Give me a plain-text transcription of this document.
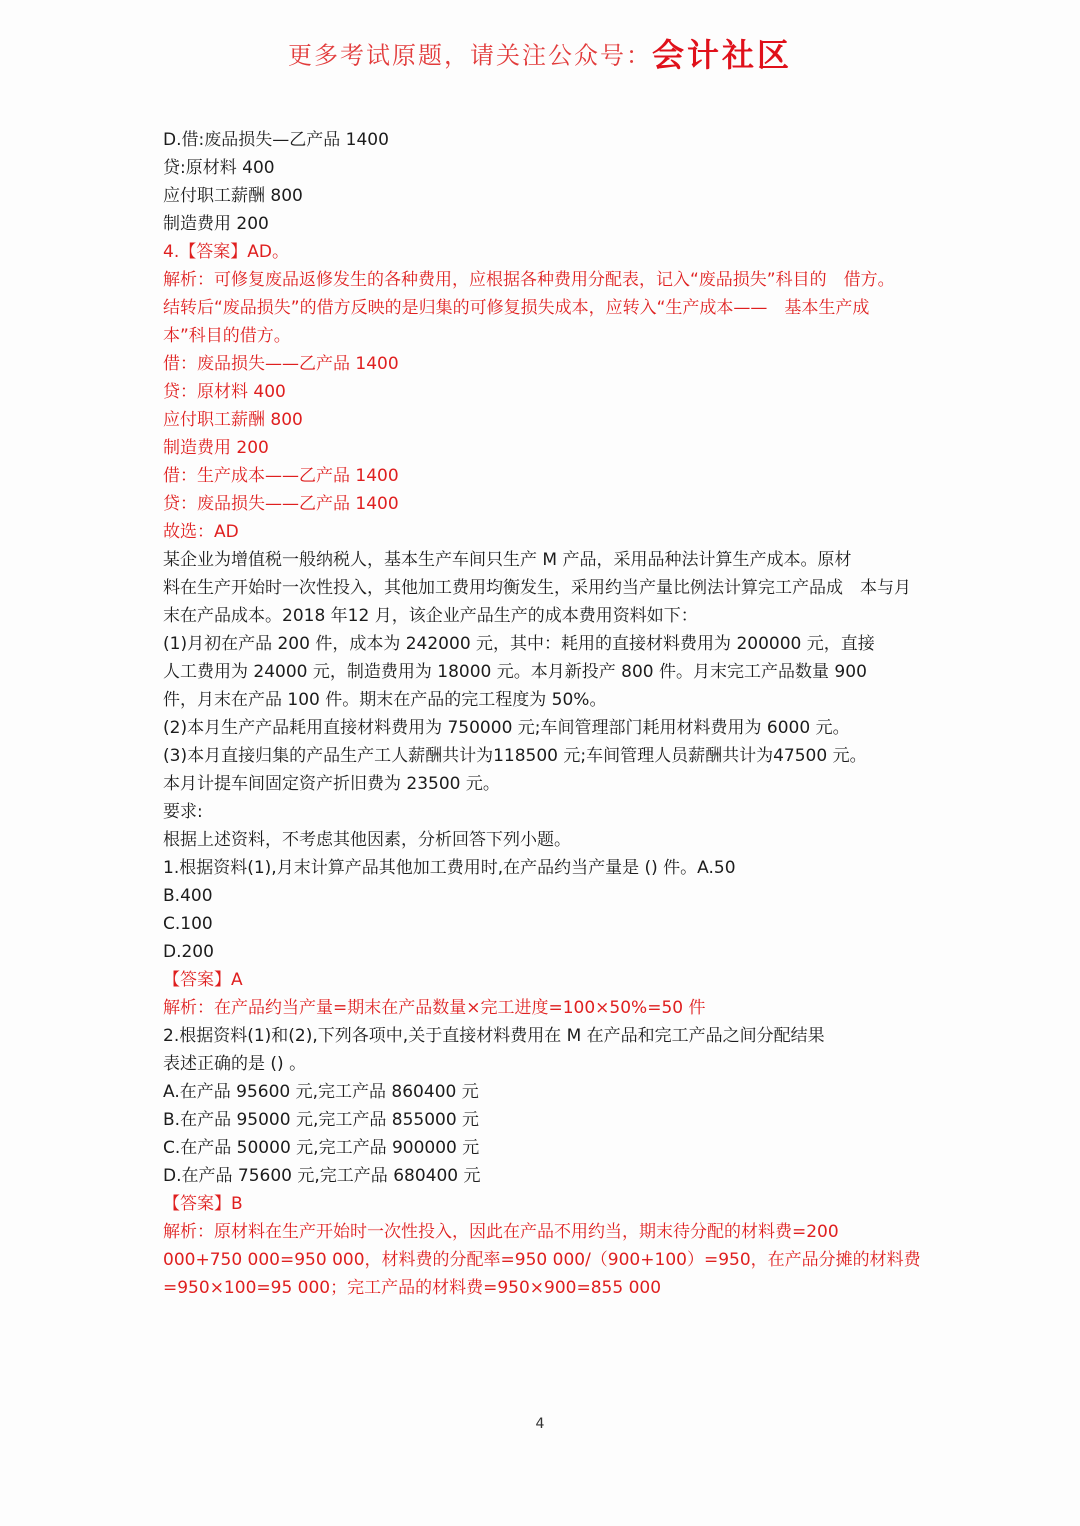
更多考试原题，请关注公众号：会计社区
D.借:废品损失—乙产品 1400
贷:原材料 400
应付职工薪酬 800
制造费用 200
4.【答案】AD。
解析：可修复废品返修发生的各种费用，应根据各种费用分配表，记入“废品损失”科目的　借方。
结转后“废品损失”的借方反映的是归集的可修复损失成本，应转入“生产成本——　基本生产成
本”科目的借方。
借：废品损失——乙产品 1400
贷：原材料 400
应付职工薪酬 800
制造费用 200
借：生产成本——乙产品 1400
贷：废品损失——乙产品 1400
故选：AD
某企业为增值税一般纳税人，基本生产车间只生产 M 产品，采用品种法计算生产成本。原材
料在生产开始时一次性投入，其他加工费用均衡发生，采用约当产量比例法计算完工产品成　本与月
末在产品成本。2018 年12 月，该企业产品生产的成本费用资料如下：
(1)月初在产品 200 件，成本为 242000 元，其中：耗用的直接材料费用为 200000 元，直接
人工费用为 24000 元，制造费用为 18000 元。本月新投产 800 件。月末完工产品数量 900
件，月末在产品 100 件。期末在产品的完工程度为 50%。
(2)本月生产产品耗用直接材料费用为 750000 元;车间管理部门耗用材料费用为 6000 元。
(3)本月直接归集的产品生产工人薪酬共计为118500 元;车间管理人员薪酬共计为47500 元。
本月计提车间固定资产折旧费为 23500 元。
要求:
根据上述资料，不考虑其他因素，分析回答下列小题。
1.根据资料(1),月末计算产品其他加工费用时,在产品约当产量是 () 件。A.50
B.400
C.100
D.200
【答案】A
解析：在产品约当产量=期末在产品数量×完工进度=100×50%=50 件
2.根据资料(1)和(2),下列各项中,关于直接材料费用在 M 在产品和完工产品之间分配结果
表述正确的是 () 。
A.在产品 95600 元,完工产品 860400 元
B.在产品 95000 元,完工产品 855000 元
C.在产品 50000 元,完工产品 900000 元
D.在产品 75600 元,完工产品 680400 元
【答案】B
解析：原材料在生产开始时一次性投入，因此在产品不用约当，期末待分配的材料费=200
000+750 000=950 000，材料费的分配率=950 000/（900+100）=950，在产品分摊的材料费
=950×100=95 000；完工产品的材料费=950×900=855 000
4
